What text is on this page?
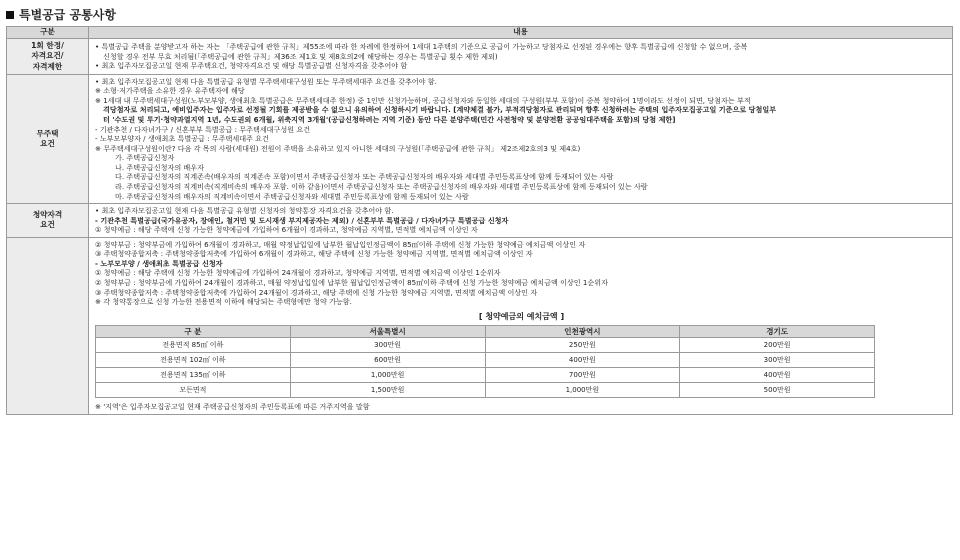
특별공급 공통사항
구분	내용

1회 한정/
자격요건/
자격제한

• 특별공급 주택을 분양받고자 하는 자는 「주택공급에 관한 규칙」제55조에 따라 한 차례에 한정하여 1세대 1주택의 기준으로 공급이 가능하고 당첨자로 선정된 경우에는 향후 특별공급에 신청할 수 없으며, 중복
신청할 경우 전부 무효 처리됨(「주택공급에 관한 규칙」제36조 제1호 및 제8호의2에 해당하는 경우는 특별공급 횟수 제한 제외)
• 최초 입주자모집공고일 현재 무주택요건, 청약자격요건 및 해당 특별공급별 신청자격을 갖추어야 함

무주택
요건

• 최초 입주자모집공고일 현재 다음 특별공급 유형별 무주택세대구성원 또는 무주택세대주 요건을 갖추어야 함.
※ 소형·저가주택을 소유한 경우 유주택자에 해당
※ 1세대 내 무주택세대구성원(노부모부양, 생애최초 특별공급은 무주택세대주 한정) 중 1인만 신청가능하며, 공급신청자와 동일한 세대의 구성원(부부 포함)이 중복 청약하여 1명이라도 선정이 되면, 당첨자는 부적
격당첨자로 처리되고, 예비입주자는 입주자로 선정될 기회를 제공받을 수 없으니 유의하여 신청하시기 바랍니다. [계약체결 불가, 부적격당첨자로 관리되며 향후 신청하려는 주택의 입주자모집공고일 기준으로 당첨일부
터 '수도권 및 투기·청약과열지역 1년, 수도권외 6개월, 위축지역 3개월'(공급신청하려는 지역 기준) 동안 다른 분양주택(민간 사전청약 및 분양전환 공공임대주택을 포함)의 당첨 제한]
- 기관추천 / 다자녀가구 / 신혼부부 특별공급 : 무주택세대구성원 요건
- 노부모부양자 / 생애최초 특별공급 : 무주택세대주 요건
※ 무주택세대구성원이란? 다음 각 목의 사람(세대원) 전원이 주택을 소유하고 있지 아니한 세대의 구성원(「주택공급에 관한 규칙」 제2조제2호의3 및 제4호)
가. 주택공급신청자
나. 주택공급신청자의 배우자
다. 주택공급신청자의 직계존속(배우자의 직계존속 포함)이면서 주택공급신청자 또는 주택공급신청자의 배우자와 세대별 주민등록표상에 함께 등재되어 있는 사람
라. 주택공급신청자의 직계비속(직계비속의 배우자 포함. 이하 같음)이면서 주택공급신청자 또는 주택공급신청자의 배우자와 세대별 주민등록표상에 함께 등재되어 있는 사람
마. 주택공급신청자의 배우자의 직계비속이면서 주택공급신청자와 세대별 주민등록표상에 함께 등재되어 있는 사람

청약자격
요건

• 최초 입주자모집공고일 현재 다음 특별공급 유형별 신청자의 청약통장 자격요건을 갖추어야 함.
- 기관추천 특별공급(국가유공자, 장애인, 철거민 및 도시재생 부지제공자는 제외) / 신혼부부 특별공급 / 다자녀가구 특별공급 신청자
① 청약예금 : 해당 주택에 신청 가능한 청약예금에 가입하여 6개월이 경과하고, 청약예금 지역별, 면적별 예치금액 이상인 자

② 청약부금 : 청약부금에 가입하여 6개월이 경과하고, 매월 약정납입일에 납부한 월납입인정금액이 85㎡이하 주택에 신청 가능한 청약예금 예치금액 이상인 자
③ 주택청약종합저축 : 주택청약종합저축에 가입하여 6개월이 경과하고, 해당 주택에 신청 가능한 청약예금 지역별, 면적별 예치금액 이상인 자
- 노부모부양 / 생애최초 특별공급 신청자
① 청약예금 : 해당 주택에 신청 가능한 청약예금에 가입하여 24개월이 경과하고, 청약예금 지역별, 면적별 예치금액 이상인 1순위자
② 청약부금 : 청약부금에 가입하여 24개월이 경과하고, 매월 약정납입일에 납부한 월납입인정금액이 85㎡이하 주택에 신청 가능한 청약예금 예치금액 이상인 1순위자
③ 주택청약종합저축 : 주택청약종합저축에 가입하여 24개월이 경과하고, 해당 주택에 신청 가능한 청약예금 지역별, 면적별 예치금액 이상인 자
※ 각 청약통장으로 신청 가능한 전용면적 이하에 해당되는 주택형에만 청약 가능함.
[ 청약예금의 예치금액 ]
구 분	서울특별시	인천광역시	경기도
전용면적 85㎡ 이하	300만원	250만원	200만원
전용면적 102㎡ 이하	600만원	400만원	300만원
전용면적 135㎡ 이하	1,000만원	700만원	400만원
모든면적	1,500만원	1,000만원	500만원
※ '지역'은 입주자모집공고일 현재 주택공급신청자의 주민등록표에 따른 거주지역을 말함
